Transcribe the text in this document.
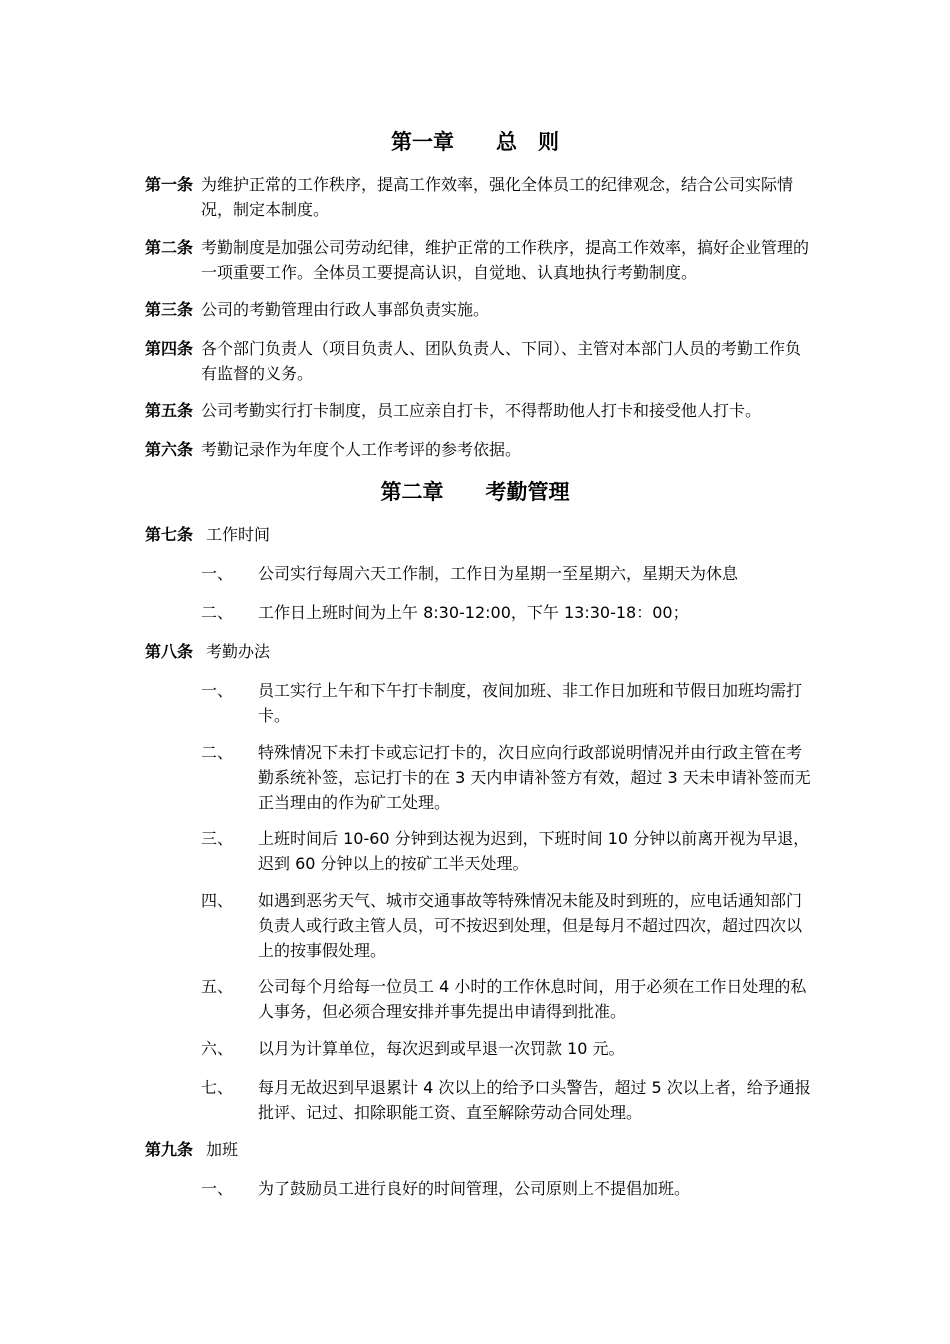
第一章　　总　则
第一条 为维护正常的工作秩序，提高工作效率，强化全体员工的纪律观念，结合公司实际情况，制定本制度。
第二条 考勤制度是加强公司劳动纪律，维护正常的工作秩序，提高工作效率，搞好企业管理的一项重要工作。全体员工要提高认识，自觉地、认真地执行考勤制度。
第三条 公司的考勤管理由行政人事部负责实施。
第四条 各个部门负责人（项目负责人、团队负责人、下同）、主管对本部门人员的考勤工作负有监督的义务。
第五条 公司考勤实行打卡制度，员工应亲自打卡，不得帮助他人打卡和接受他人打卡。
第六条 考勤记录作为年度个人工作考评的参考依据。
第二章　　考勤管理
第七条 工作时间
一、 公司实行每周六天工作制，工作日为星期一至星期六，星期天为休息
二、 工作日上班时间为上午 8:30-12:00，下午 13:30-18：00；
第八条 考勤办法
一、 员工实行上午和下午打卡制度，夜间加班、非工作日加班和节假日加班均需打卡。
二、 特殊情况下未打卡或忘记打卡的，次日应向行政部说明情况并由行政主管在考勤系统补签，忘记打卡的在 3 天内申请补签方有效，超过 3 天未申请补签而无正当理由的作为矿工处理。
三、 上班时间后 10-60 分钟到达视为迟到，下班时间 10 分钟以前离开视为早退，迟到 60 分钟以上的按矿工半天处理。
四、 如遇到恶劣天气、城市交通事故等特殊情况未能及时到班的，应电话通知部门负责人或行政主管人员，可不按迟到处理，但是每月不超过四次，超过四次以上的按事假处理。
五、 公司每个月给每一位员工 4 小时的工作休息时间，用于必须在工作日处理的私人事务，但必须合理安排并事先提出申请得到批准。
六、 以月为计算单位，每次迟到或早退一次罚款 10 元。
七、 每月无故迟到早退累计 4 次以上的给予口头警告，超过 5 次以上者，给予通报批评、记过、扣除职能工资、直至解除劳动合同处理。
第九条 加班
一、 为了鼓励员工进行良好的时间管理，公司原则上不提倡加班。
